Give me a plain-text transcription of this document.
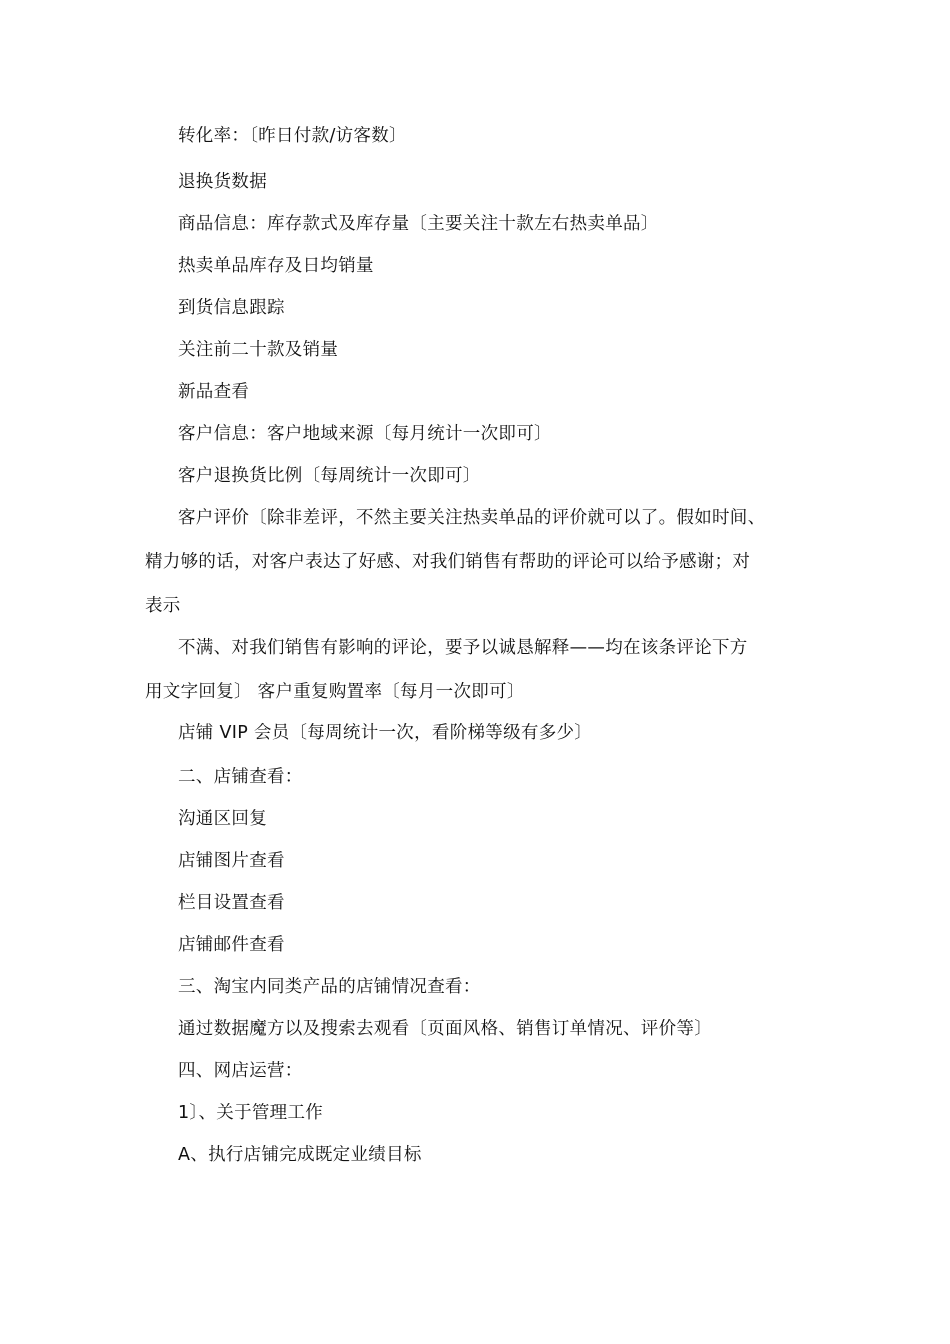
转化率：〔昨日付款/访客数〕
退换货数据
商品信息：库存款式及库存量〔主要关注十款左右热卖单品〕
热卖单品库存及日均销量
到货信息跟踪
关注前二十款及销量
新品查看
客户信息：客户地域来源〔每月统计一次即可〕
客户退换货比例〔每周统计一次即可〕
客户评价〔除非差评，不然主要关注热卖单品的评价就可以了。假如时间、
精力够的话，对客户表达了好感、对我们销售有帮助的评论可以给予感谢；对
表示
不满、对我们销售有影响的评论，要予以诚恳解释——均在该条评论下方
用文字回复〕 客户重复购置率〔每月一次即可〕
店铺 VIP 会员〔每周统计一次，看阶梯等级有多少〕
二、店铺查看：
沟通区回复
店铺图片查看
栏目设置查看
店铺邮件查看
三、淘宝内同类产品的店铺情况查看：
通过数据魔方以及搜索去观看〔页面风格、销售订单情况、评价等〕
四、网店运营：
1〕、关于管理工作
A、执行店铺完成既定业绩目标
